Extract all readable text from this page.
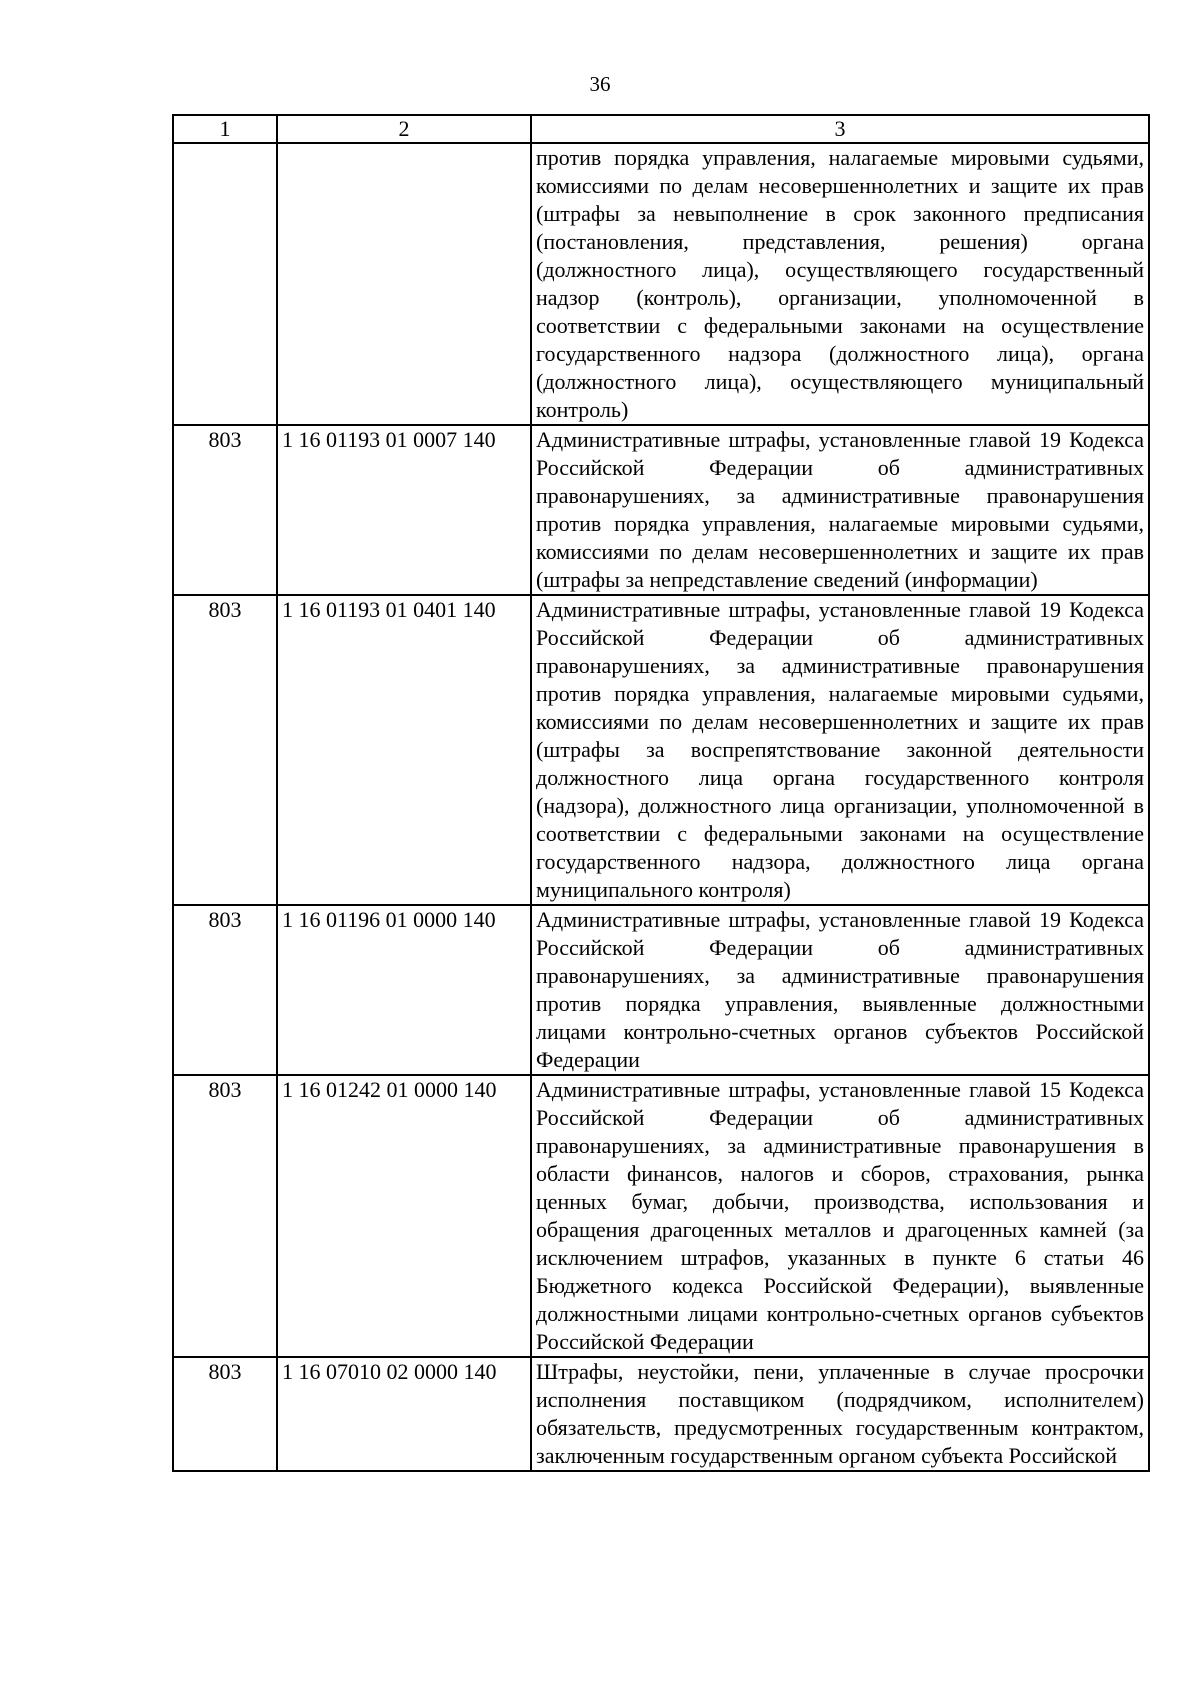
36
1	2	3
		против порядка управления, налагаемые мировыми судьями, комиссиями по делам несовершеннолетних и защите их прав (штрафы за невыполнение в срок законного предписания (постановления, представления, решения) органа (должностного лица), осуществляющего государственный надзор (контроль), организации, уполномоченной в соответствии с федеральными законами на осуществление государственного надзора (должностного лица), органа (должностного лица), осуществляющего муниципальный контроль)
803	1 16 01193 01 0007 140	Административные штрафы, установленные главой 19 Кодекса Российской Федерации об административных правонарушениях, за административные правонарушения против порядка управления, налагаемые мировыми судьями, комиссиями по делам несовершеннолетних и защите их прав (штрафы за непредставление сведений (информации)
803	1 16 01193 01 0401 140	Административные штрафы, установленные главой 19 Кодекса Российской Федерации об административных правонарушениях, за административные правонарушения против порядка управления, налагаемые мировыми судьями, комиссиями по делам несовершеннолетних и защите их прав (штрафы за воспрепятствование законной деятельности должностного лица органа государственного контроля (надзора), должностного лица организации, уполномоченной в соответствии с федеральными законами на осуществление государственного надзора, должностного лица органа муниципального контроля)
803	1 16 01196 01 0000 140	Административные штрафы, установленные главой 19 Кодекса Российской Федерации об административных правонарушениях, за административные правонарушения против порядка управления, выявленные должностными лицами контрольно-счетных органов субъектов Российской Федерации
803	1 16 01242 01 0000 140	Административные штрафы, установленные главой 15 Кодекса Российской Федерации об административных правонарушениях, за административные правонарушения в области финансов, налогов и сборов, страхования, рынка ценных бумаг, добычи, производства, использования и обращения драгоценных металлов и драгоценных камней (за исключением штрафов, указанных в пункте 6 статьи 46 Бюджетного кодекса Российской Федерации), выявленные должностными лицами контрольно-счетных органов субъектов Российской Федерации
803	1 16 07010 02 0000 140	Штрафы, неустойки, пени, уплаченные в случае просрочки исполнения поставщиком (подрядчиком, исполнителем) обязательств, предусмотренных государственным контрактом, заключенным государственным органом субъекта Российской
